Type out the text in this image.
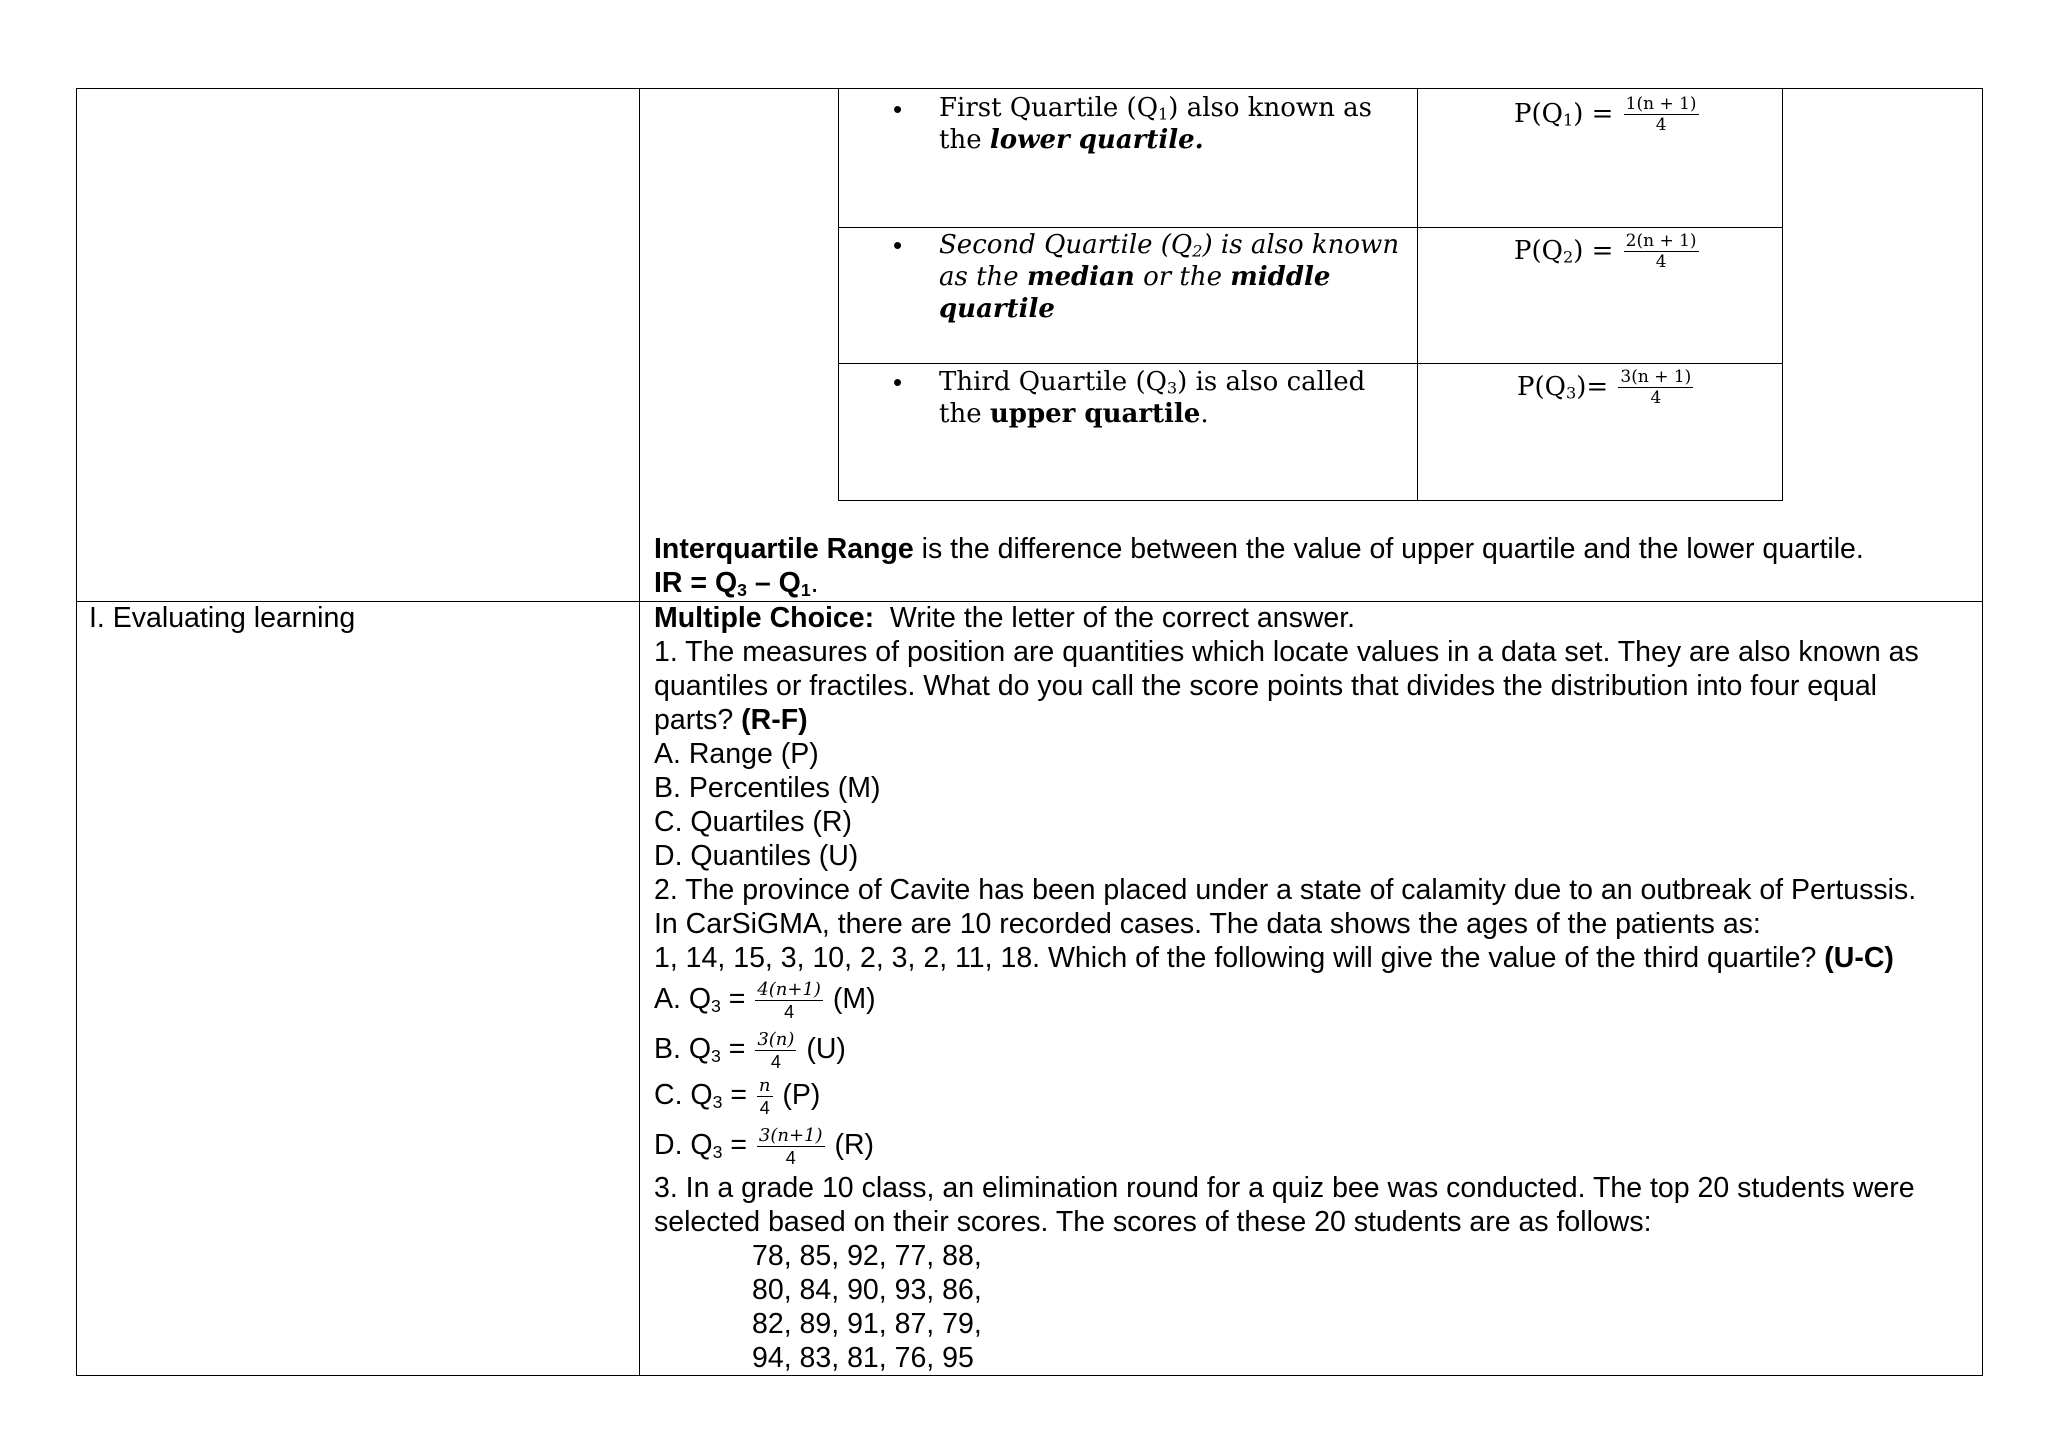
• First Quartile $(Q_1)$ also known as the lower quartile.
$P(Q_1) = \frac{1(n + 1)}{4}$
• Second Quartile $(Q_2)$ is also known as the median or the middle quartile
$P(Q_2) = \frac{2(n + 1)}{4}$
• Third Quartile $(Q_3)$ is also called the upper quartile.
$P(Q_3)= \frac{3(n + 1)}{4}$
Interquartile Range is the difference between the value of upper quartile and the lower quartile.
IR = $Q_3 - Q_1$.
I. Evaluating learning	Multiple Choice:  Write the letter of the correct answer.
1. The measures of position are quantities which locate values in a data set. They are also known as
quantiles or fractiles. What do you call the score points that divides the distribution into four equal
parts? (R-F)
A. Range (P)
B. Percentiles (M)
C. Quartiles (R)
D. Quantiles (U)
2. The province of Cavite has been placed under a state of calamity due to an outbreak of Pertussis.
In CarSiGMA, there are 10 recorded cases. The data shows the ages of the patients as:
1, 14, 15, 3, 10, 2, 3, 2, 11, 18. Which of the following will give the value of the third quartile? (U-C)
A. $Q_3 = \frac{4(n+1)}{4} (M)$
B. $Q_3 = \frac{3(n)}{4} (U)$
C. $Q_3 = \frac{n}{4} (P)$
D. $Q_3 = \frac{3(n+1)}{4} (R)$
3. In a grade 10 class, an elimination round for a quiz bee was conducted. The top 20 students were
selected based on their scores. The scores of these 20 students are as follows:
78, 85, 92, 77, 88,
80, 84, 90, 93, 86,
82, 89, 91, 87, 79,
94, 83, 81, 76, 95
